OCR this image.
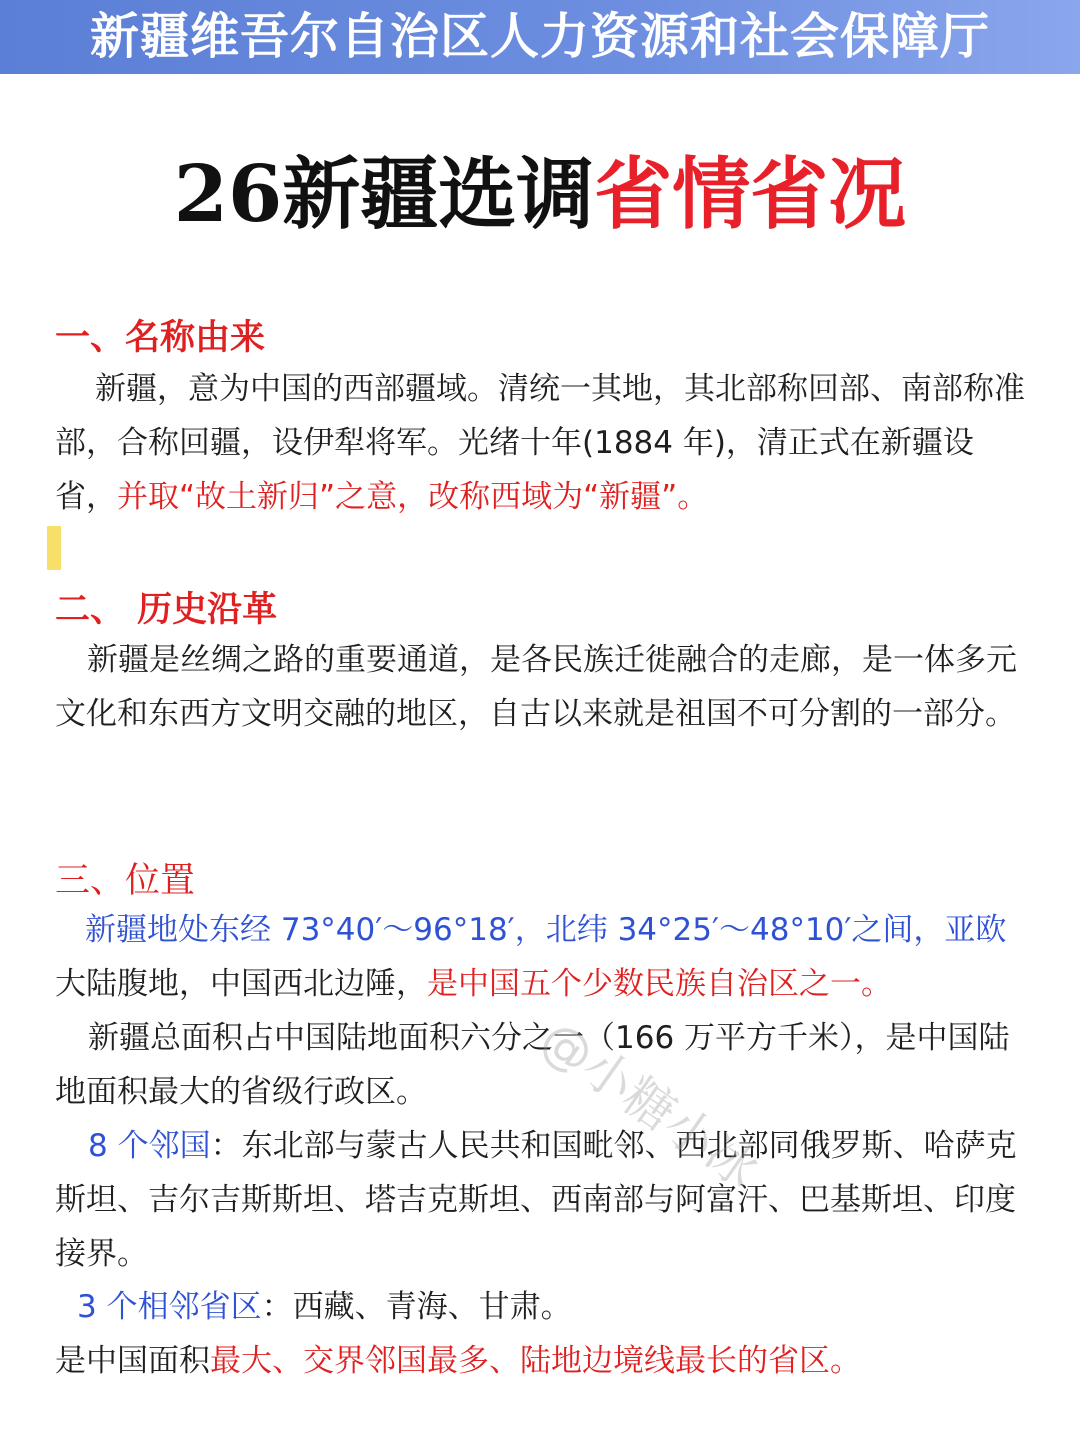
新疆维吾尔自治区人力资源和社会保障厅
26新疆选调省情省况
一、名称由来
新疆，意为中国的西部疆域。清统一其地，其北部称回部、南部称准部，合称回疆，设伊犁将军。光绪十年(1884 年)，清正式在新疆设省，并取“故土新归”之意，改称西域为“新疆”。
二、 历史沿革
新疆是丝绸之路的重要通道，是各民族迁徙融合的走廊，是一体多元文化和东西方文明交融的地区，自古以来就是祖国不可分割的一部分。
三、位置
新疆地处东经 73°40′～96°18′，北纬 34°25′～48°10′之间，亚欧大陆腹地，中国西北边陲，是中国五个少数民族自治区之一。
新疆总面积占中国陆地面积六分之一（166 万平方千米），是中国陆地面积最大的省级行政区。
8 个邻国：东北部与蒙古人民共和国毗邻、西北部同俄罗斯、哈萨克斯坦、吉尔吉斯斯坦、塔吉克斯坦、西南部与阿富汗、巴基斯坦、印度接界。
3 个相邻省区：西藏、青海、甘肃。
是中国面积最大、交界邻国最多、陆地边境线最长的省区。
@小糖小冰
